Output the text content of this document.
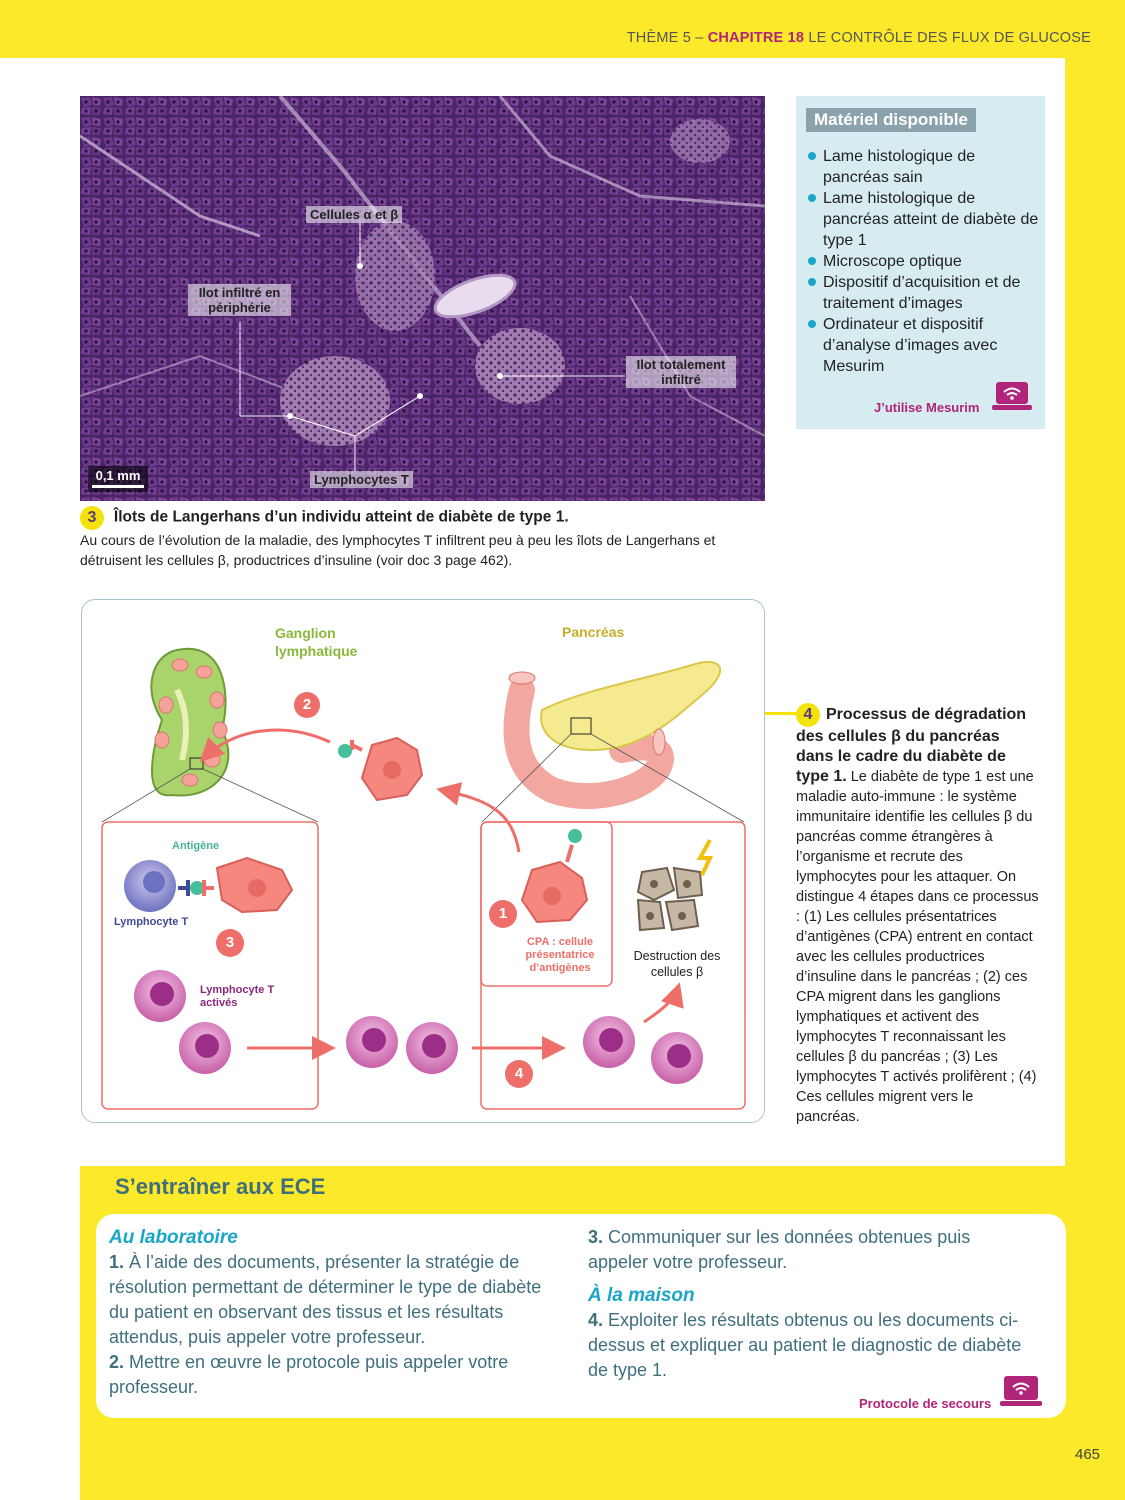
THÈME 5 – CHAPITRE 18 LE CONTRÔLE DES FLUX DE GLUCOSE
Cellules α et β
Ilot infiltré en périphérie
Ilot totalement infiltré
Lymphocytes T
0,1 mm
3 Îlots de Langerhans d’un individu atteint de diabète de type 1.
Au cours de l’évolution de la maladie, des lymphocytes T infiltrent peu à peu les îlots de Langerhans et détruisent les cellules β, productrices d’insuline (voir doc 3 page 462).
Matériel disponible
Lame histologique de pancréas sain
Lame histologique de pancréas atteint de diabète de type 1
Microscope optique
Dispositif d’acquisition et de traitement d’images
Ordinateur et dispositif d’analyse d’images avec Mesurim
J’utilise Mesurim
Ganglion lymphatique
Pancréas
Antigène
Lymphocyte T
Lymphocyte T activés
CPA : cellule présentatrice d’antigènes
Destruction des cellules β
2
3
1
4
4 Processus de dégradation des cellules β du pancréas dans le cadre du diabète de type 1. Le diabète de type 1 est une maladie auto-immune : le système immunitaire identifie les cellules β du pancréas comme étrangères à l’organisme et recrute des lymphocytes pour les attaquer. On distingue 4 étapes dans ce processus : (1) Les cellules présentatrices d’antigènes (CPA) entrent en contact avec les cellules productrices d’insuline dans le pancréas ; (2) ces CPA migrent dans les ganglions lymphatiques et activent des lymphocytes T reconnaissant les cellules β du pancréas ; (3) Les lymphocytes T activés prolifèrent ; (4) Ces cellules migrent vers le pancréas.
S’entraîner aux ECE
Au laboratoire
1. À l’aide des documents, présenter la stratégie de résolution permettant de déterminer le type de diabète du patient en observant des tissus et les résultats attendus, puis appeler votre professeur.
2. Mettre en œuvre le protocole puis appeler votre professeur.
3. Communiquer sur les données obtenues puis appeler votre professeur.
À la maison
4. Exploiter les résultats obtenus ou les documents ci-dessus et expliquer au patient le diagnostic de diabète de type 1.
Protocole de secours
465
